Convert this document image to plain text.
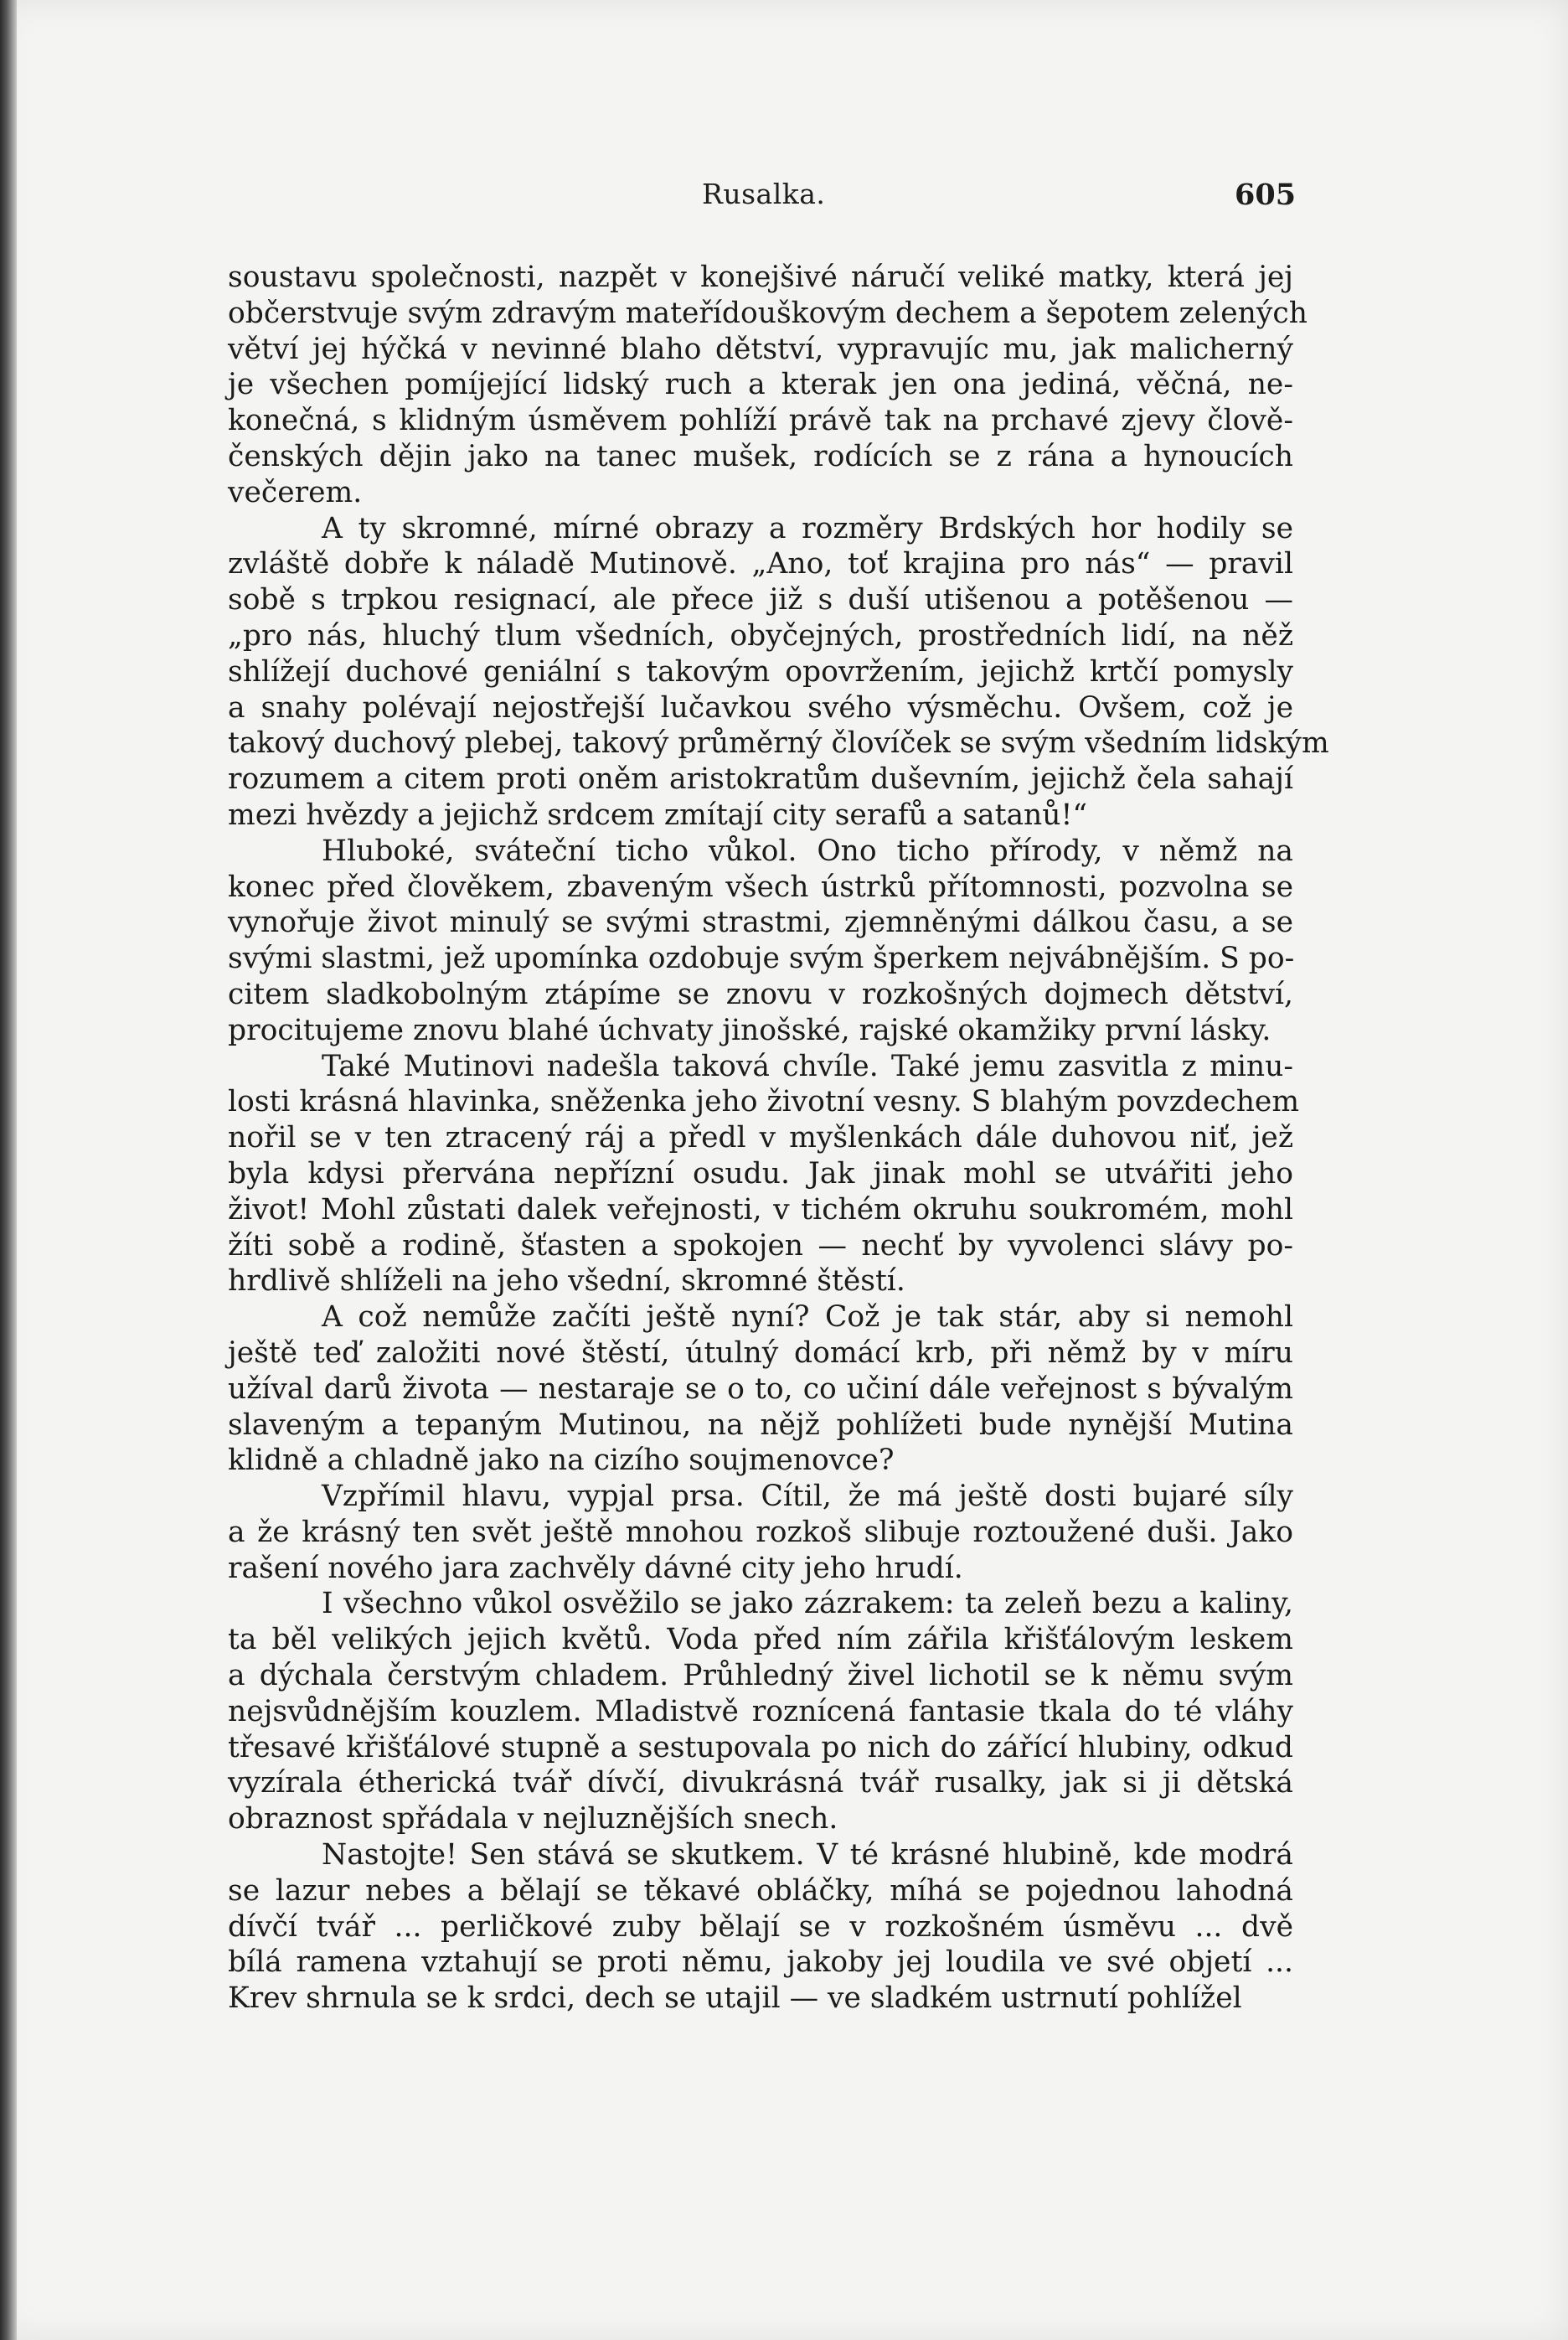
Rusalka.	605
soustavu společnosti, nazpět v konejšivé náručí veliké matky, která jej
občerstvuje svým zdravým mateřídouškovým dechem a šepotem zelených
větví jej hýčká v nevinné blaho dětství, vypravujíc mu, jak malicherný
je všechen pomíjející lidský ruch a kterak jen ona jediná, věčná, ne-
konečná, s klidným úsměvem pohlíží právě tak na prchavé zjevy člově-
čenských dějin jako na tanec mušek, rodících se z rána a hynoucích
večerem.
A ty skromné, mírné obrazy a rozměry Brdských hor hodily se
zvláště dobře k náladě Mutinově. „Ano, toť krajina pro nás“ — pravil
sobě s trpkou resignací, ale přece již s duší utišenou a potěšenou —
„pro nás, hluchý tlum všedních, obyčejných, prostředních lidí, na něž
shlížejí duchové geniální s takovým opovržením, jejichž krtčí pomysly
a snahy polévají nejostřejší lučavkou svého výsměchu. Ovšem, což je
takový duchový plebej, takový průměrný človíček se svým všedním lidským
rozumem a citem proti oněm aristokratům duševním, jejichž čela sahají
mezi hvězdy a jejichž srdcem zmítají city serafů a satanů!“
Hluboké, sváteční ticho vůkol. Ono ticho přírody, v němž na
konec před člověkem, zbaveným všech ústrků přítomnosti, pozvolna se
vynořuje život minulý se svými strastmi, zjemněnými dálkou času, a se
svými slastmi, jež upomínka ozdobuje svým šperkem nejvábnějším. S po-
citem sladkobolným ztápíme se znovu v rozkošných dojmech dětství,
procitujeme znovu blahé úchvaty jinošské, rajské okamžiky první lásky.
Také Mutinovi nadešla taková chvíle. Také jemu zasvitla z minu-
losti krásná hlavinka, sněženka jeho životní vesny. S blahým povzdechem
nořil se v ten ztracený ráj a předl v myšlenkách dále duhovou niť, jež
byla kdysi přervána nepřízní osudu. Jak jinak mohl se utvářiti jeho
život! Mohl zůstati dalek veřejnosti, v tichém okruhu soukromém, mohl
žíti sobě a rodině, šťasten a spokojen — nechť by vyvolenci slávy po-
hrdlivě shlíželi na jeho všední, skromné štěstí.
A což nemůže začíti ještě nyní? Což je tak stár, aby si nemohl
ještě teď založiti nové štěstí, útulný domácí krb, při němž by v míru
užíval darů života — nestaraje se o to, co učiní dále veřejnost s bývalým
slaveným a tepaným Mutinou, na nějž pohlížeti bude nynější Mutina
klidně a chladně jako na cizího soujmenovce?
Vzpřímil hlavu, vypjal prsa. Cítil, že má ještě dosti bujaré síly
a že krásný ten svět ještě mnohou rozkoš slibuje roztoužené duši. Jako
rašení nového jara zachvěly dávné city jeho hrudí.
I všechno vůkol osvěžilo se jako zázrakem: ta zeleň bezu a kaliny,
ta běl velikých jejich květů. Voda před ním zářila křišťálovým leskem
a dýchala čerstvým chladem. Průhledný živel lichotil se k němu svým
nejsvůdnějším kouzlem. Mladistvě roznícená fantasie tkala do té vláhy
třesavé křišťálové stupně a sestupovala po nich do zářící hlubiny, odkud
vyzírala étherická tvář dívčí, divukrásná tvář rusalky, jak si ji dětská
obraznost spřádala v nejluznějších snech.
Nastojte! Sen stává se skutkem. V té krásné hlubině, kde modrá
se lazur nebes a bělají se těkavé obláčky, míhá se pojednou lahodná
dívčí tvář ... perličkové zuby bělají se v rozkošném úsměvu ... dvě
bílá ramena vztahují se proti němu, jakoby jej loudila ve své objetí ...
Krev shrnula se k srdci, dech se utajil — ve sladkém ustrnutí pohlížel
